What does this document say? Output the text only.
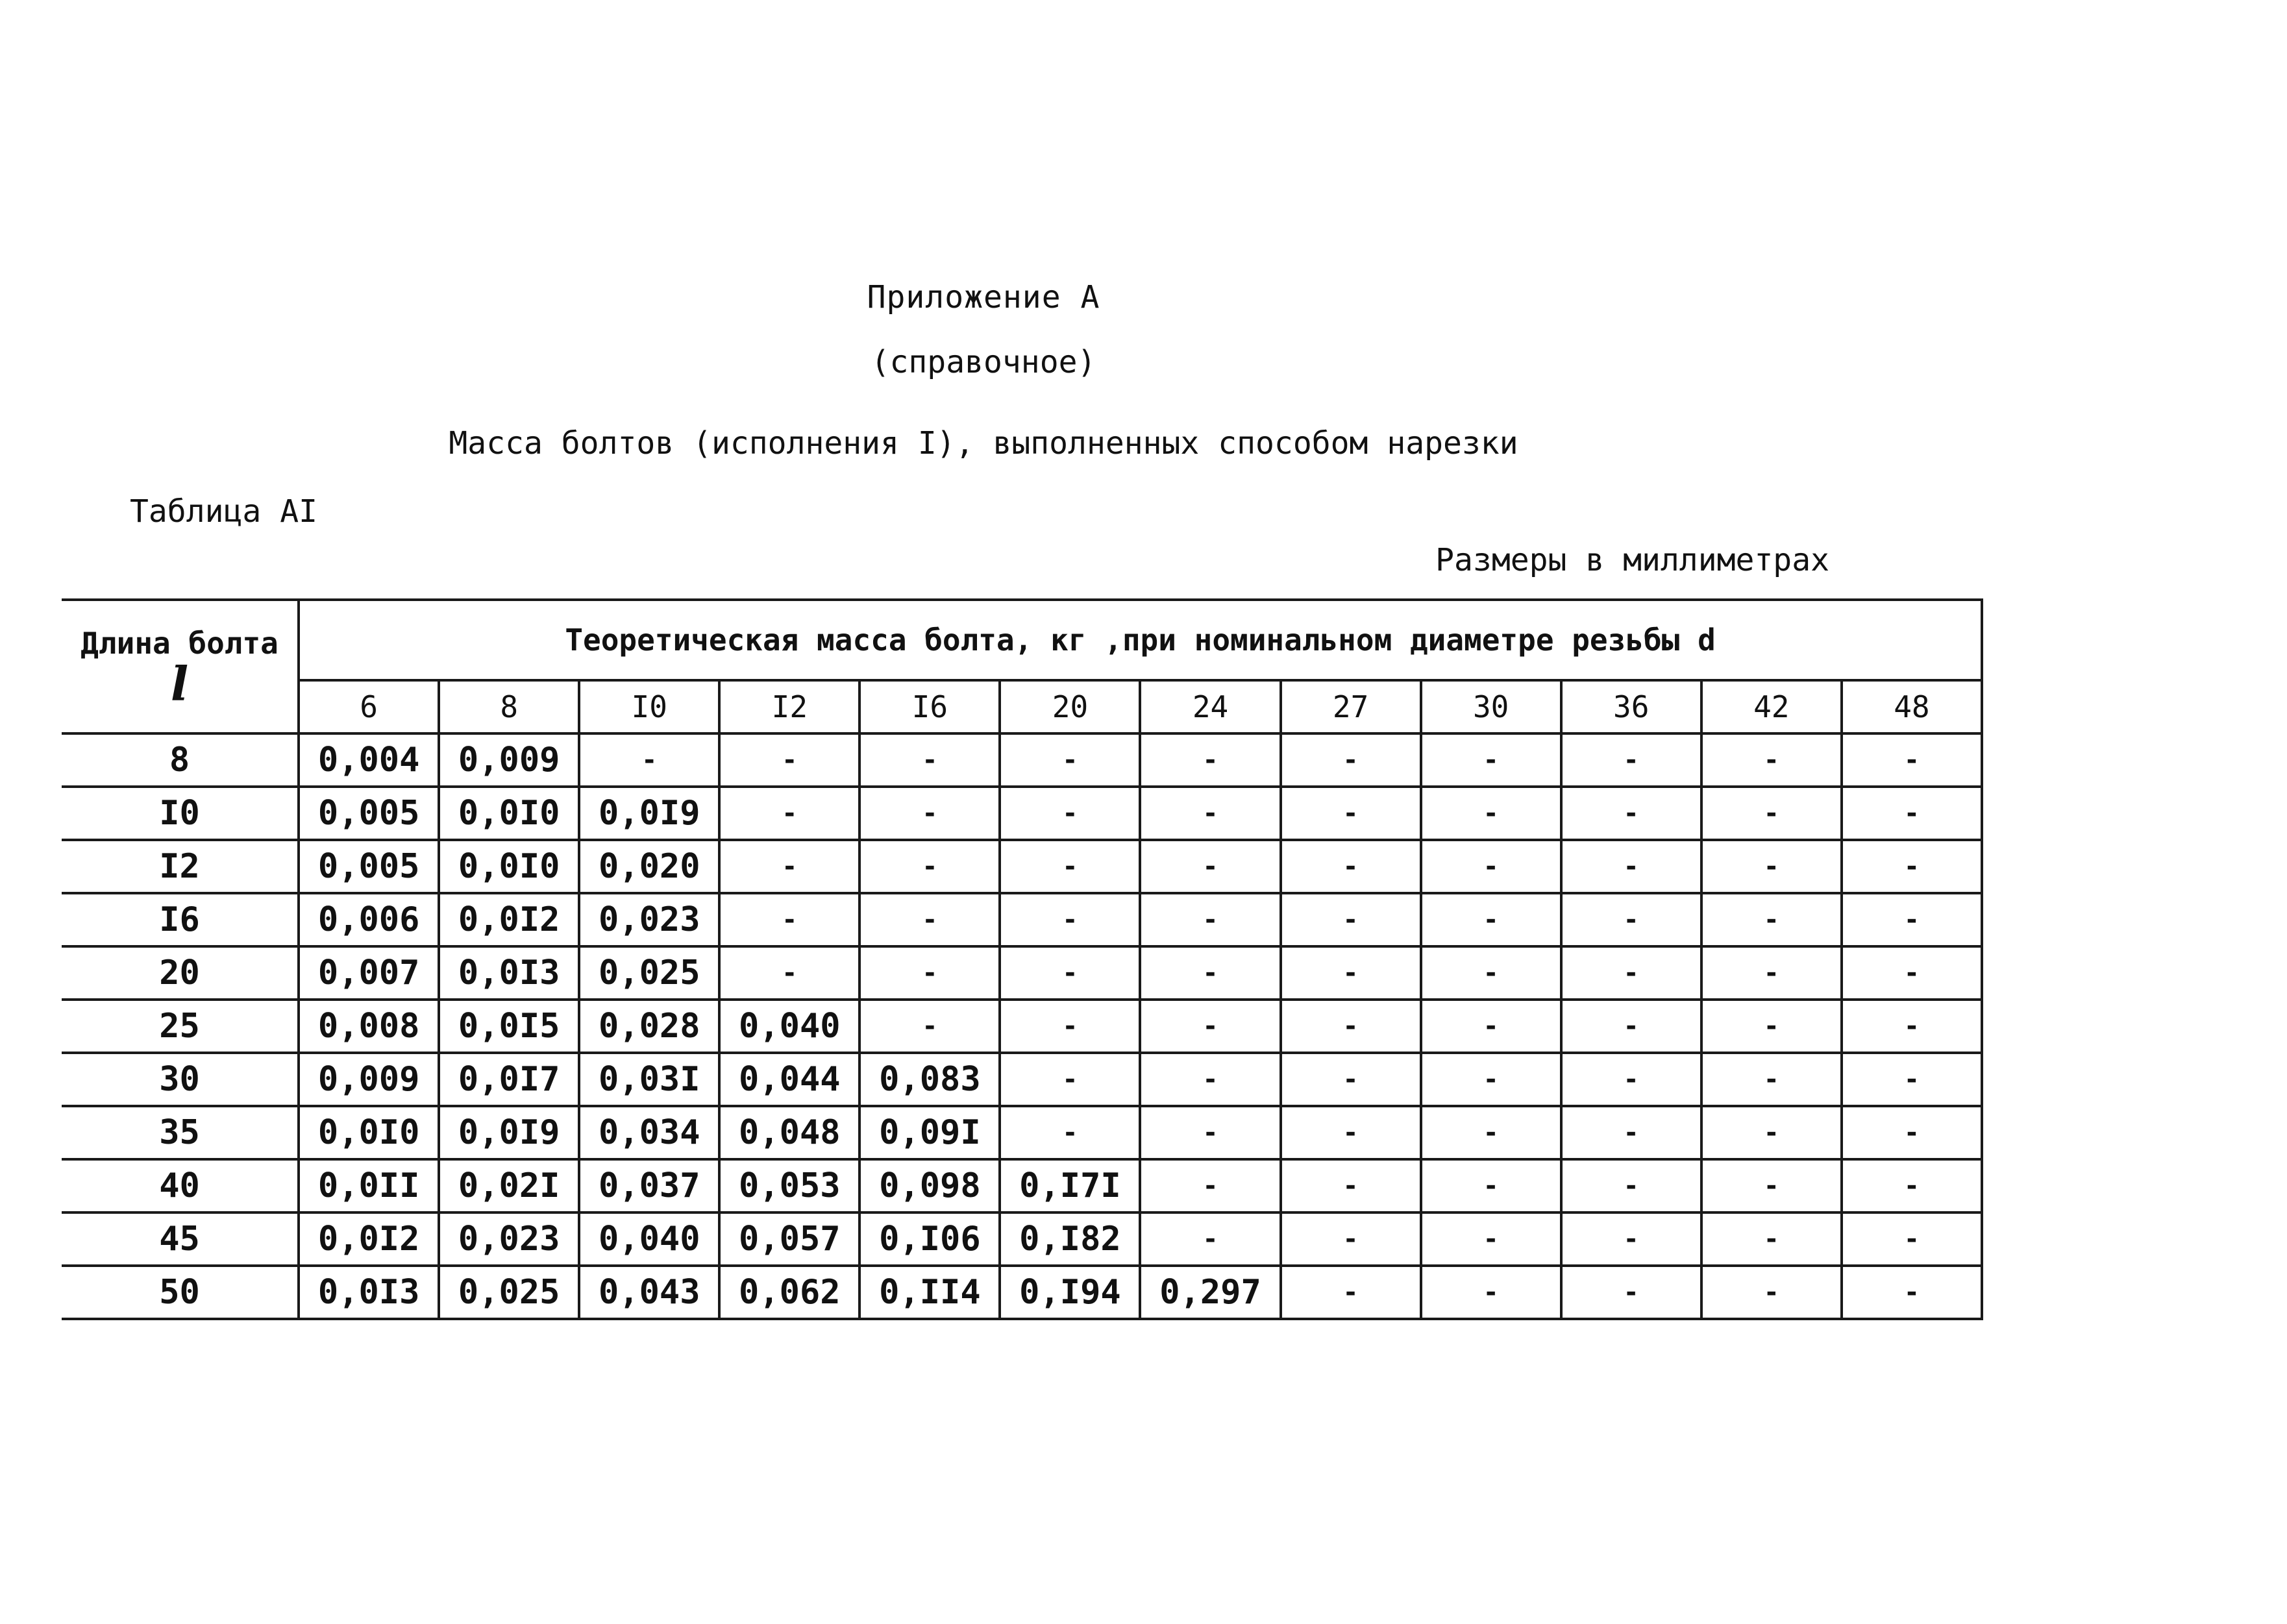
Приложение А
(справочное)
Масса болтов (исполнения I), выполненных способом нарезки
Таблица АI
Размеры в миллиметрах
Длина болта
l	Теоретическая масса болта, кг ,при номинальном диаметре резьбы d											
	6	8	I0	I2	I6	20	24	27	30	36	42	48
8	0,004	0,009	-	-	-	-	-	-	-	-	-	-
I0	0,005	0,0I0	0,0I9	-	-	-	-	-	-	-	-	-
I2	0,005	0,0I0	0,020	-	-	-	-	-	-	-	-	-
I6	0,006	0,0I2	0,023	-	-	-	-	-	-	-	-	-
20	0,007	0,0I3	0,025	-	-	-	-	-	-	-	-	-
25	0,008	0,0I5	0,028	0,040	-	-	-	-	-	-	-	-
30	0,009	0,0I7	0,03I	0,044	0,083	-	-	-	-	-	-	-
35	0,0I0	0,0I9	0,034	0,048	0,09I	-	-	-	-	-	-	-
40	0,0II	0,02I	0,037	0,053	0,098	0,I7I	-	-	-	-	-	-
45	0,0I2	0,023	0,040	0,057	0,I06	0,I82	-	-	-	-	-	-
50	0,0I3	0,025	0,043	0,062	0,II4	0,I94	0,297	-	-	-	-	-
